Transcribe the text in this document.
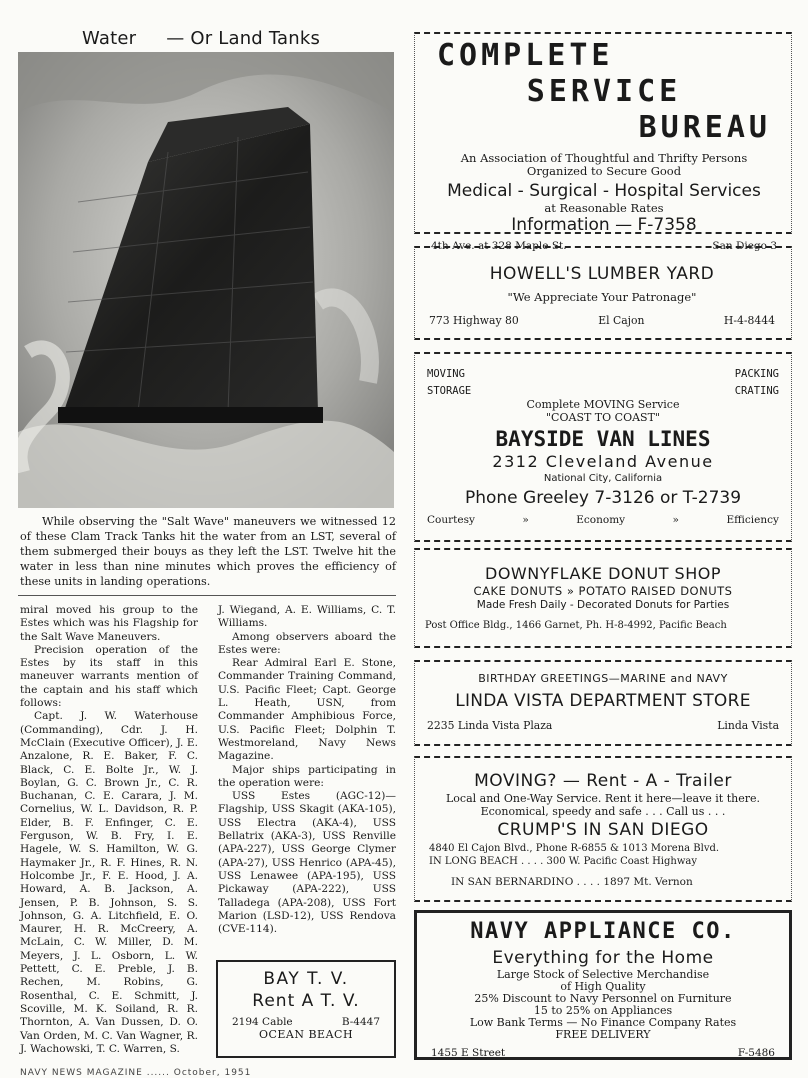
Water — Or Land Tanks

While observing the "Salt Wave" maneuvers we witnessed 12 of these Clam Track Tanks hit the water from an LST, several of them submerged their bouys as they left the LST. Twelve hit the water in less than nine minutes which proves the efficiency of these units in landing operations.

miral moved his group to the Estes which was his Flagship for the Salt Wave Maneuvers.

Precision operation of the Estes by its staff in this maneuver warrants mention of the captain and his staff which follows:

Capt. J. W. Waterhouse (Commanding), Cdr. J. H. McClain (Executive Officer), J. E. Anzalone, R. E. Baker, F. C. Black, C. E. Bolte Jr., W. J. Boylan, G. C. Brown Jr., C. R. Buchanan, C. E. Carara, J. M. Cornelius, W. L. Davidson, R. P. Elder, B. F. Enfinger, C. E. Ferguson, W. B. Fry, I. E. Hagele, W. S. Hamilton, W. G. Haymaker Jr., R. F. Hines, R. N. Holcombe Jr., F. E. Hood, J. A. Howard, A. B. Jackson, A. Jensen, P. B. Johnson, S. S. Johnson, G. A. Litchfield, E. O. Maurer, H. R. McCreery, A. McLain, C. W. Miller, D. M. Meyers, J. L. Osborn, L. W. Pettett, C. E. Preble, J. B. Rechen, M. Robins, G. Rosenthal, C. E. Schmitt, J. Scoville, M. K. Soiland, R. R. Thornton, A. Van Dussen, D. O. Van Orden, M. C. Van Wagner, R. J. Wachowski, T. C. Warren, S.

J. Wiegand, A. E. Williams, C. T. Williams.

Among observers aboard the Estes were:

Rear Admiral Earl E. Stone, Commander Training Command, U.S. Pacific Fleet; Capt. George L. Heath, USN, from Commander Amphibious Force, U.S. Pacific Fleet; Dolphin T. Westmoreland, Navy News Magazine.

Major ships participating in the operation were:

USS Estes (AGC-12)—Flagship, USS Skagit (AKA-105), USS Electra (AKA-4), USS Bellatrix (AKA-3), USS Renville (APA-227), USS George Clymer (APA-27), USS Henrico (APA-45), USS Lenawee (APA-195), USS Pickaway (APA-222), USS Talladega (APA-208), USS Fort Marion (LSD-12), USS Rendova (CVE-114).

BAY T. V.
Rent A T. V.
2194 Cable	B-4447
OCEAN BEACH
NAVY NEWS MAGAZINE ...... October, 1951
COMPLETE
SERVICE
BUREAU
An Association of Thoughtful and Thrifty Persons
Organized to Secure Good
Medical - Surgical - Hospital Services
at Reasonable Rates
Information — F-7358
4th Ave. at 328 Maple St.	San Diego 3
HOWELL'S LUMBER YARD
"We Appreciate Your Patronage"
773 Highway 80	El Cajon	H-4-8444
MOVING	PACKING
STORAGE	CRATING
Complete MOVING Service
"COAST TO COAST"
BAYSIDE VAN LINES
2312 Cleveland Avenue
National City, California
Phone Greeley 7-3126 or T-2739
Courtesy	»	Economy	»	Efficiency
DOWNYFLAKE DONUT SHOP
CAKE DONUTS » POTATO RAISED DONUTS
Made Fresh Daily - Decorated Donuts for Parties
Post Office Bldg., 1466 Garnet, Ph. H-8-4992, Pacific Beach
BIRTHDAY GREETINGS—MARINE and NAVY
LINDA VISTA DEPARTMENT STORE
2235 Linda Vista Plaza	Linda Vista
MOVING? — Rent - A - Trailer
Local and One-Way Service. Rent it here—leave it there.
Economical, speedy and safe . . . Call us . . .
CRUMP'S IN SAN DIEGO
4840 El Cajon Blvd., Phone R-6855 & 1013 Morena Blvd.
IN LONG BEACH . . . . 300 W. Pacific Coast Highway
IN SAN BERNARDINO . . . . 1897 Mt. Vernon
NAVY APPLIANCE CO.
Everything for the Home
Large Stock of Selective Merchandise
of High Quality
25% Discount to Navy Personnel on Furniture
15 to 25% on Appliances
Low Bank Terms — No Finance Company Rates
FREE DELIVERY
1455 E Street	F-5486
